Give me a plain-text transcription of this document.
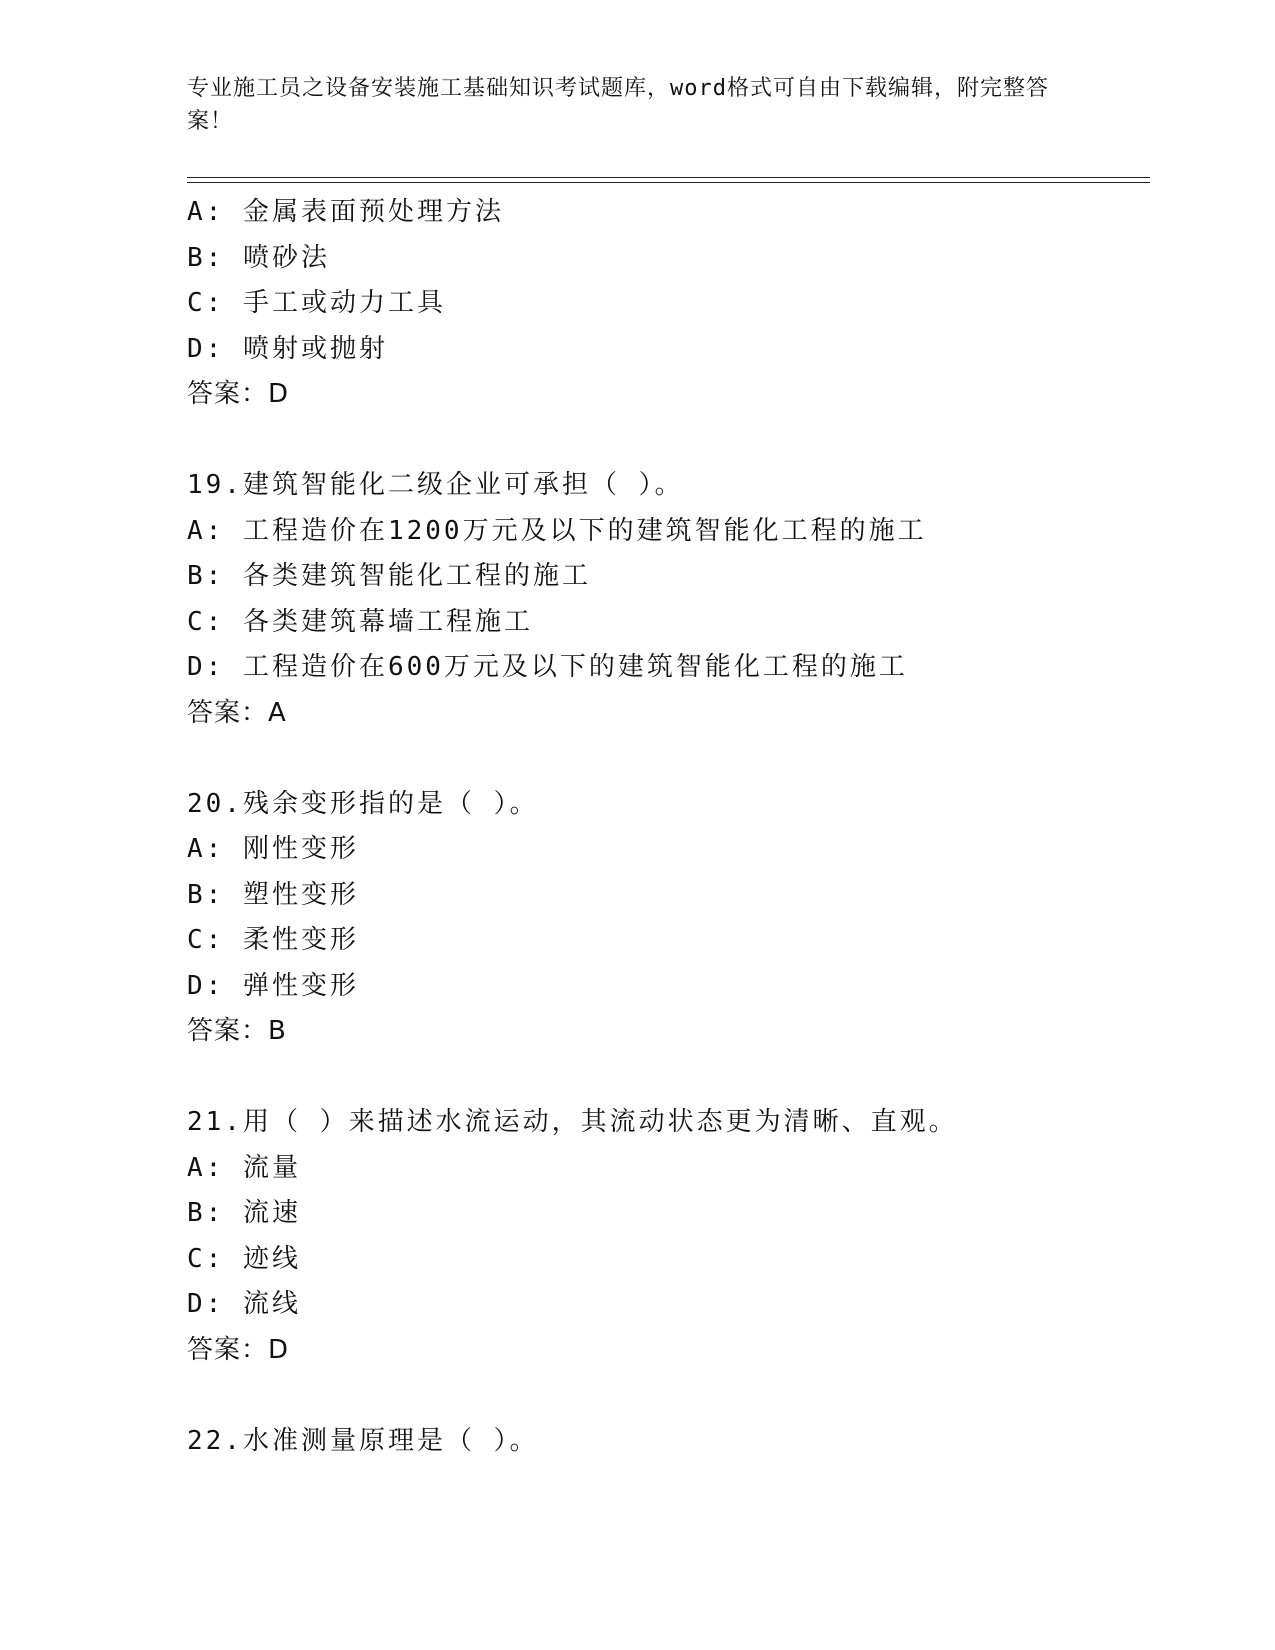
专业施工员之设备安装施工基础知识考试题库，word格式可自由下载编辑，附完整答案！
A: 金属表面预处理方法
B: 喷砂法
C: 手工或动力工具
D: 喷射或抛射
答案：D
19.建筑智能化二级企业可承担（ ）。
A: 工程造价在1200万元及以下的建筑智能化工程的施工
B: 各类建筑智能化工程的施工
C: 各类建筑幕墙工程施工
D: 工程造价在600万元及以下的建筑智能化工程的施工
答案：A
20.残余变形指的是（ ）。
A: 刚性变形
B: 塑性变形
C: 柔性变形
D: 弹性变形
答案：B
21.用（ ）来描述水流运动，其流动状态更为清晰、直观。
A: 流量
B: 流速
C: 迹线
D: 流线
答案：D
22.水准测量原理是（ ）。
